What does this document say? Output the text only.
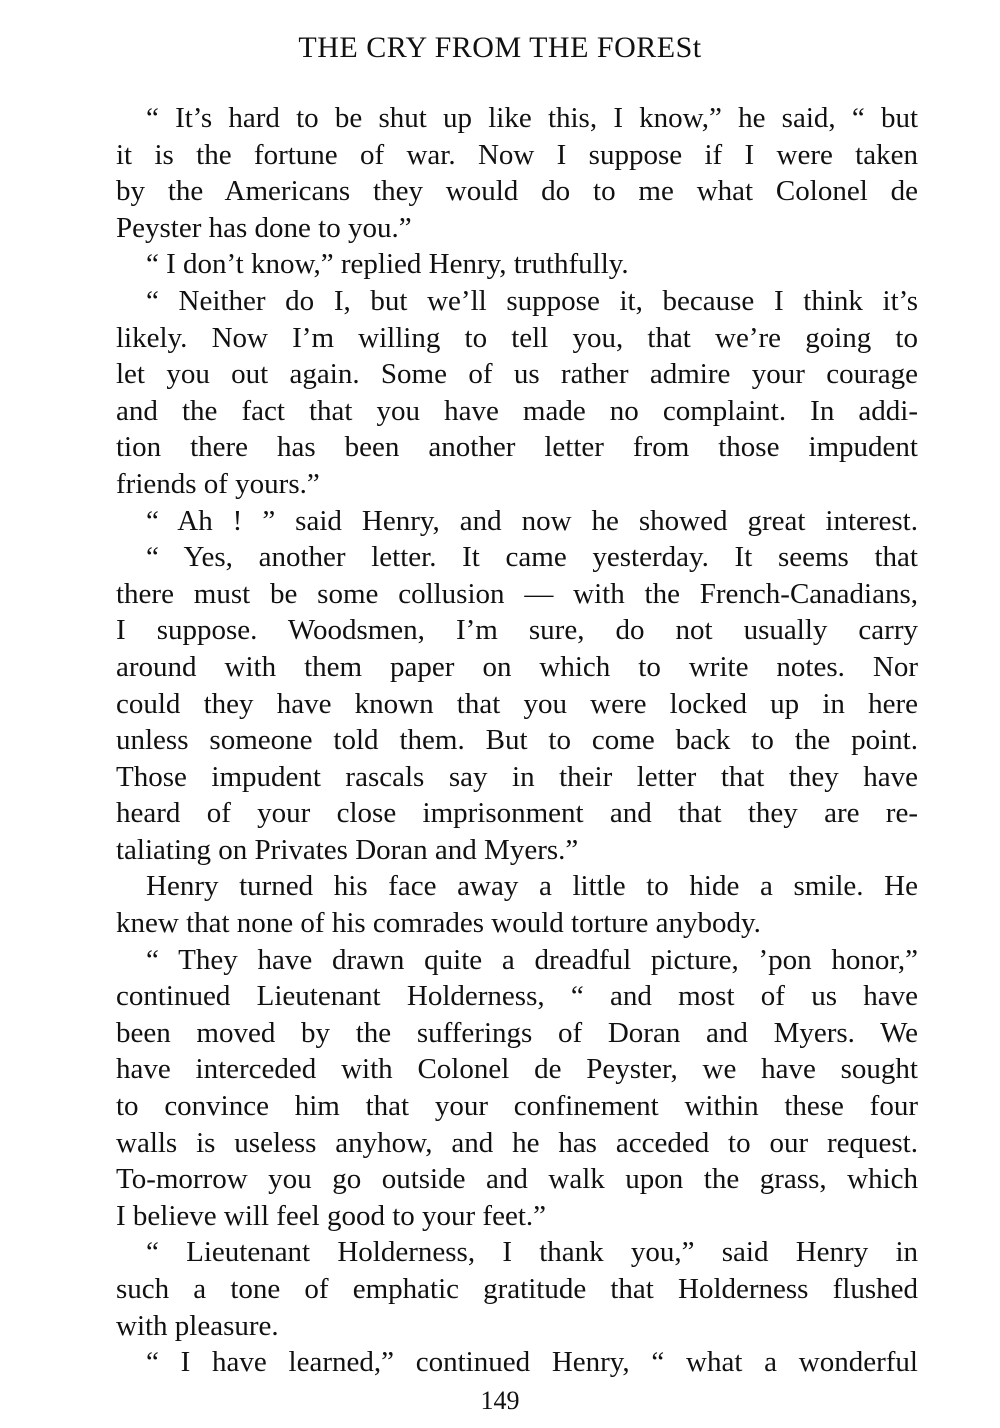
THE CRY FROM THE FORESt
“ It’s hard to be shut up like this, I know,” he said, “ but
it is the fortune of war. Now I suppose if I were taken
by the Americans they would do to me what Colonel de
Peyster has done to you.”
“ I don’t know,” replied Henry, truthfully.
“ Neither do I, but we’ll suppose it, because I think it’s
likely. Now I’m willing to tell you, that we’re going to
let you out again. Some of us rather admire your courage
and the fact that you have made no complaint. In addi-
tion there has been another letter from those impudent
friends of yours.”
“ Ah ! ” said Henry, and now he showed great interest.
“ Yes, another letter. It came yesterday. It seems that
there must be some collusion — with the French-Canadians,
I suppose. Woodsmen, I’m sure, do not usually carry
around with them paper on which to write notes. Nor
could they have known that you were locked up in here
unless someone told them. But to come back to the point.
Those impudent rascals say in their letter that they have
heard of your close imprisonment and that they are re-
taliating on Privates Doran and Myers.”
Henry turned his face away a little to hide a smile. He
knew that none of his comrades would torture anybody.
“ They have drawn quite a dreadful picture, ’pon honor,”
continued Lieutenant Holderness, “ and most of us have
been moved by the sufferings of Doran and Myers. We
have interceded with Colonel de Peyster, we have sought
to convince him that your confinement within these four
walls is useless anyhow, and he has acceded to our request.
To-morrow you go outside and walk upon the grass, which
I believe will feel good to your feet.”
“ Lieutenant Holderness, I thank you,” said Henry in
such a tone of emphatic gratitude that Holderness flushed
with pleasure.
“ I have learned,” continued Henry, “ what a wonderful
149
